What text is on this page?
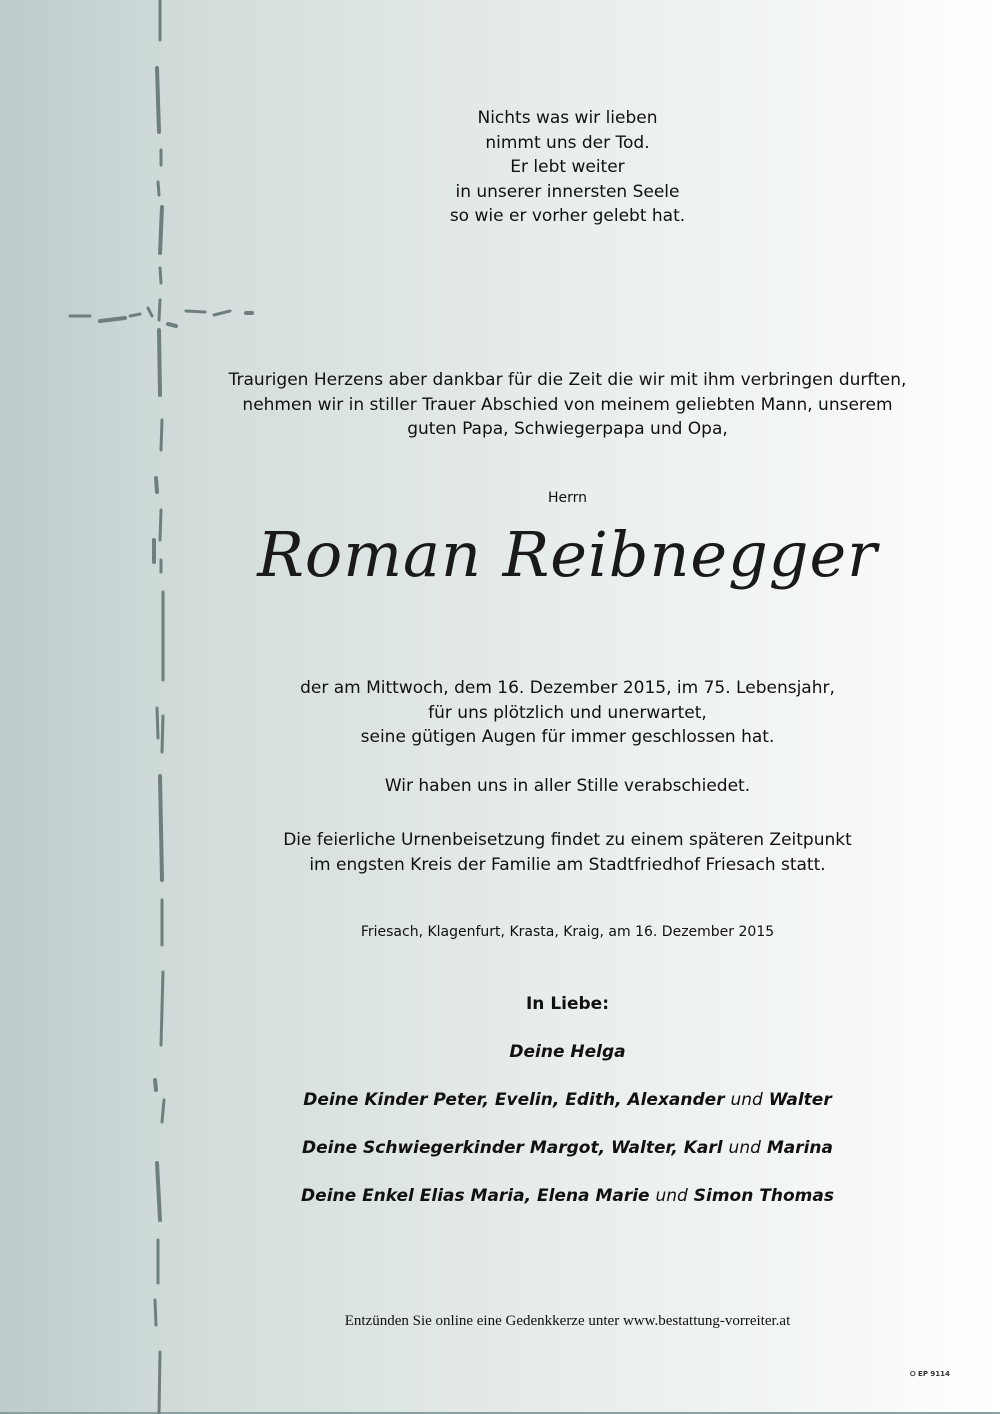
Nichts was wir lieben
nimmt uns der Tod.
Er lebt weiter
in unserer innersten Seele
so wie er vorher gelebt hat.
Traurigen Herzens aber dankbar für die Zeit die wir mit ihm verbringen durften,
nehmen wir in stiller Trauer Abschied von meinem geliebten Mann, unserem
guten Papa, Schwiegerpapa und Opa,
Herrn
Roman Reibnegger
der am Mittwoch, dem 16. Dezember 2015, im 75. Lebensjahr,
für uns plötzlich und unerwartet,
seine gütigen Augen für immer geschlossen hat.
Wir haben uns in aller Stille verabschiedet.
Die feierliche Urnenbeisetzung findet zu einem späteren Zeitpunkt
im engsten Kreis der Familie am Stadtfriedhof Friesach statt.
Friesach, Klagenfurt, Krasta, Kraig, am 16. Dezember 2015
In Liebe:
Deine Helga
Deine Kinder Peter, Evelin, Edith, Alexander und Walter
Deine Schwiegerkinder Margot, Walter, Karl und Marina
Deine Enkel Elias Maria, Elena Marie und Simon Thomas
Entzünden Sie online eine Gedenkkerze unter www.bestattung-vorreiter.at
⭘ EP 9114
